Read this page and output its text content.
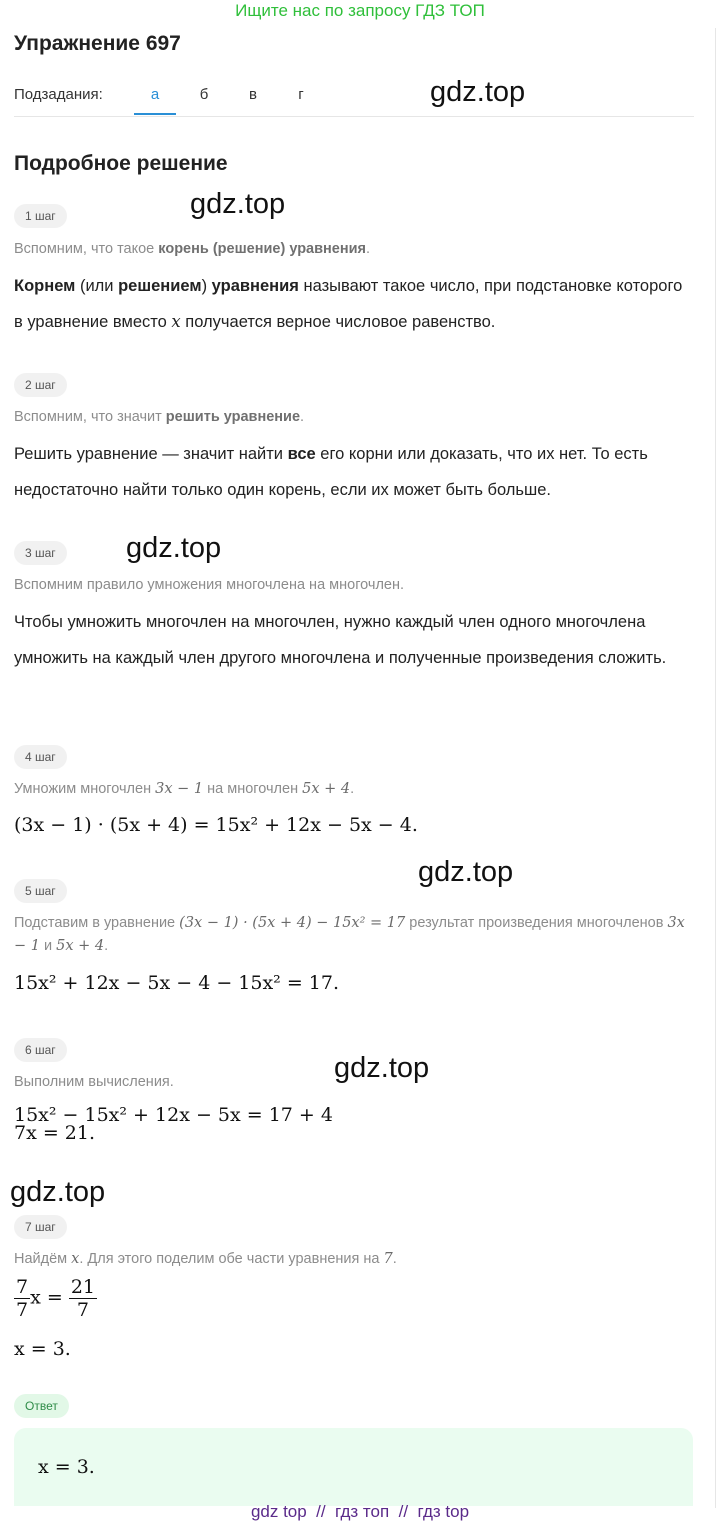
Ищите нас по запросу ГДЗ ТОП
Упражнение 697
Подзадания:	а	б	в	г	gdz.top
Подробное решение
1 шаг	gdz.top
Вспомним, что такое корень (решение) уравнения.
Корнем (или решением) уравнения называют такое число, при подстановке которого в уравнение вместо x получается верное числовое равенство.
2 шаг
Вспомним, что значит решить уравнение.
Решить уравнение — значит найти все его корни или доказать, что их нет. То есть недостаточно найти только один корень, если их может быть больше.
3 шаг	gdz.top
Вспомним правило умножения многочлена на многочлен.
Чтобы умножить многочлен на многочлен, нужно каждый член одного многочлена умножить на каждый член другого многочлена и полученные произведения сложить.
4 шаг
Умножим многочлен 3x − 1 на многочлен 5x + 4.
(3x − 1) · (5x + 4) = 15x² + 12x − 5x − 4.
5 шаг
gdz.top
Подставим в уравнение (3x − 1) · (5x + 4) − 15x² = 17 результат произведения многочленов 3x − 1 и 5x + 4.
15x² + 12x − 5x − 4 − 15x² = 17.
6 шаг
gdz.top
Выполним вычисления.
15x² − 15x² + 12x − 5x = 17 + 4
7x = 21.
gdz.top
7 шаг
Найдём x. Для этого поделим обе части уравнения на 7.
$\frac{7}{7}$ $x = \frac{21}{7}$
x = 3.
Ответ
x = 3.
gdz top  //  гдз топ  //  гдз top
